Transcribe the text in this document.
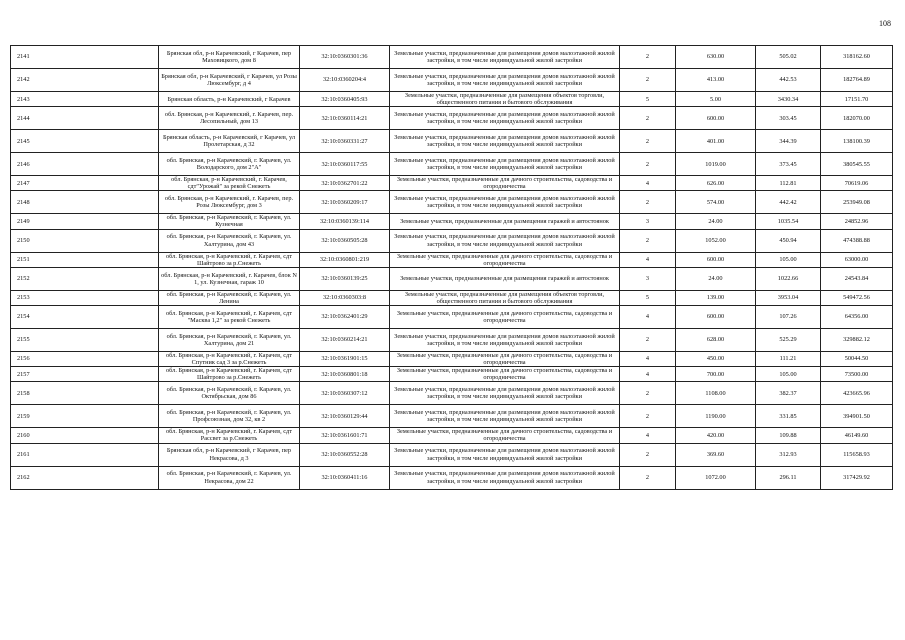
108
2141	Брянская обл, р-н Карачевский, г Карачев, пер Маховицкого, дом 8	32:10:0360301:36	Земельные участки, предназначенные для размещения домов малоэтажной жилой застройки, в том числе индивидуальной жилой застройки	2	630.00	505.02	318162.60
2142	Брянская обл, р-н Карачевский, г Карачев, ул Розы Люксембург, д 4	32:10:0360204:4	Земельные участки, предназначенные для размещения домов малоэтажной жилой застройки, в том числе индивидуальной жилой застройки	2	413.00	442.53	182764.89
2143	Брянская область, р-н Карачевский, г Карачев	32:10:0360405:93	Земельные участки, предназначенные для размещения объектов торговли, общественного питания и бытового обслуживания	5	5.00	3430.34	17151.70
2144	обл. Брянская, р-н Карачевский, г. Карачев, пер. Лесопильный, дом 13	32:10:0360114:21	Земельные участки, предназначенные для размещения домов малоэтажной жилой застройки, в том числе индивидуальной жилой застройки	2	600.00	303.45	182070.00
2145	Брянская область, р-н Карачевский, г Карачев, ул Пролетарская, д 32	32:10:0360331:27	Земельные участки, предназначенные для размещения домов малоэтажной жилой застройки, в том числе индивидуальной жилой застройки	2	401.00	344.39	138100.39
2146	обл. Брянская, р-н Карачевский, г. Карачев, ул. Володарского, дом 2"А"	32:10:0360117:55	Земельные участки, предназначенные для размещения домов малоэтажной жилой застройки, в том числе индивидуальной жилой застройки	2	1019.00	373.45	380545.55
2147	обл. Брянская, р-н Карачевский, г. Карачев, сдт"Урожай" за рекой Снежеть	32:10:0362701:22	Земельные участки, предназначенные для дачного строительства, садоводства и огородничества	4	626.00	112.81	70619.06
2148	обл. Брянская, р-н Карачевский, г. Карачев, пер. Розы Люксембург, дом 3	32:10:0360209:17	Земельные участки, предназначенные для размещения домов малоэтажной жилой застройки, в том числе индивидуальной жилой застройки	2	574.00	442.42	253949.08
2149	обл. Брянская, р-н Карачевский, г. Карачев, ул. Кузнечная	32:10:0360139:114	Земельные участки, предназначенные для размещения гаражей и автостоянок	3	24.00	1035.54	24852.96
2150	обл. Брянская, р-н Карачевский, г. Карачев, ул. Халтурина, дом 43	32:10:0360505:28	Земельные участки, предназначенные для размещения домов малоэтажной жилой застройки, в том числе индивидуальной жилой застройки	2	1052.00	450.94	474388.88
2151	обл. Брянская, р-н Карачевский, г. Карачев, сдт Шайтрово за р.Снежеть	32:10:0360801:219	Земельные участки, предназначенные для дачного строительства, садоводства и огородничества	4	600.00	105.00	63000.00
2152	обл. Брянская, р-н Карачевский, г. Карачев, блок N 1, ул. Кузнечная, гараж 10	32:10:0360139:25	Земельные участки, предназначенные для размещения гаражей и автостоянок	3	24.00	1022.66	24543.84
2153	обл. Брянская, р-н Карачевский, г. Карачев, ул. Ленина	32:10:0360303:8	Земельные участки, предназначенные для размещения объектов торговли, общественного питания и бытового обслуживания	5	139.00	3953.04	549472.56
2154	обл. Брянская, р-н Карачевский, г. Карачев, сдт "Масква 1,2" за рекой Снежеть	32:10:0362401:29	Земельные участки, предназначенные для дачного строительства, садоводства и огородничества	4	600.00	107.26	64356.00
2155	обл. Брянская, р-н Карачевский, г. Карачев, ул. Халтурина, дом 21	32:10:0360214:21	Земельные участки, предназначенные для размещения домов малоэтажной жилой застройки, в том числе индивидуальной жилой застройки	2	628.00	525.29	329882.12
2156	обл. Брянская, р-н Карачевский, г. Карачев, сдт Спутник сад 3 за р.Снежеть	32:10:0361901:15	Земельные участки, предназначенные для дачного строительства, садоводства и огородничества	4	450.00	111.21	50044.50
2157	обл. Брянская, р-н Карачевский, г. Карачев, сдт Шайтрово за р.Снежеть	32:10:0360801:18	Земельные участки, предназначенные для дачного строительства, садоводства и огородничества	4	700.00	105.00	73500.00
2158	обл. Брянская, р-н Карачевский, г. Карачев, ул. Октябрьская, дом 86	32:10:0360307:12	Земельные участки, предназначенные для размещения домов малоэтажной жилой застройки, в том числе индивидуальной жилой застройки	2	1108.00	382.37	423665.96
2159	обл. Брянская, р-н Карачевский, г. Карачев, ул. Профсоюзная, дом 32, кв 2	32:10:0360129:44	Земельные участки, предназначенные для размещения домов малоэтажной жилой застройки, в том числе индивидуальной жилой застройки	2	1190.00	331.85	394901.50
2160	обл. Брянская, р-н Карачевский, г. Карачев, сдт Рассвет за р.Снежеть	32:10:0361601:71	Земельные участки, предназначенные для дачного строительства, садоводства и огородничества	4	420.00	109.88	46149.60
2161	Брянская обл, р-н Карачевский, г Карачев, пер Некрасова, д 3	32:10:0360552:28	Земельные участки, предназначенные для размещения домов малоэтажной жилой застройки, в том числе индивидуальной жилой застройки	2	369.60	312.93	115658.93
2162	обл. Брянская, р-н Карачевский, г. Карачев, ул. Некрасова, дом 22	32:10:0360411:16	Земельные участки, предназначенные для размещения домов малоэтажной жилой застройки, в том числе индивидуальной жилой застройки	2	1072.00	296.11	317429.92
